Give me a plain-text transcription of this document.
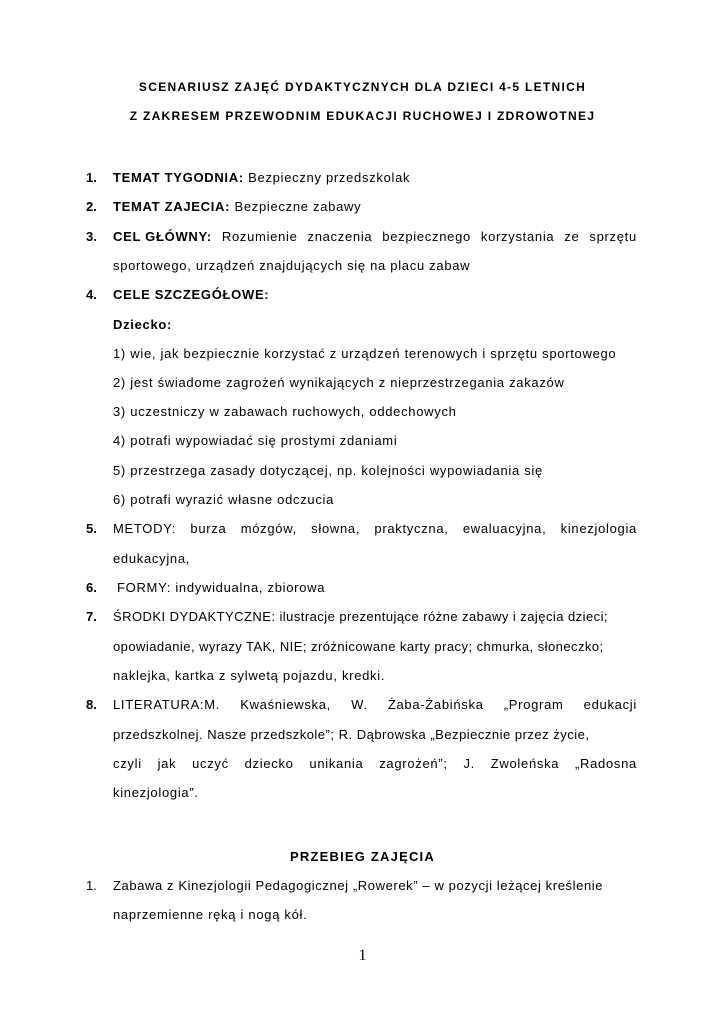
SCENARIUSZ ZAJĘĆ DYDAKTYCZNYCH DLA DZIECI 4-5 LETNICH
Z ZAKRESEM PRZEWODNIM EDUKACJI RUCHOWEJ I ZDROWOTNEJ
1. TEMAT TYGODNIA: Bezpieczny przedszkolak
2. TEMAT ZAJECIA: Bezpieczne zabawy
3. CEL GŁÓWNY: Rozumienie znaczenia bezpiecznego korzystania ze sprzętu
sportowego, urządzeń znajdujących się na placu zabaw
4. CELE SZCZEGÓŁOWE:
Dziecko:
1) wie, jak bezpiecznie korzystać z urządzeń terenowych i sprzętu sportowego
2) jest świadome zagrożeń wynikających z nieprzestrzegania zakazów
3) uczestniczy w zabawach ruchowych, oddechowych
4) potrafi wypowiadać się prostymi zdaniami
5) przestrzega zasady dotyczącej, np. kolejności wypowiadania się
6) potrafi wyrazić własne odczucia
5. METODY: burza mózgów, słowna, praktyczna, ewaluacyjna, kinezjologia
edukacyjna,
6. FORMY: indywidualna, zbiorowa
7. ŚRODKI DYDAKTYCZNE: ilustracje prezentujące różne zabawy i zajęcia dzieci;
opowiadanie, wyrazy TAK, NIE; zróżnicowane karty pracy; chmurka, słoneczko;
naklejka, kartka z sylwetą pojazdu, kredki.
8. LITERATURA:M. Kwaśniewska, W. Żaba-Żabińska „Program edukacji
przedszkolnej. Nasze przedszkole”; R. Dąbrowska „Bezpiecznie przez życie,
czyli jak uczyć dziecko unikania zagrożeń”; J. Zwoleńska „Radosna
kinezjologia”.
PRZEBIEG ZAJĘCIA
1. Zabawa z Kinezjologii Pedagogicznej „Rowerek” – w pozycji leżącej kreślenie
naprzemienne ręką i nogą kół.
1
